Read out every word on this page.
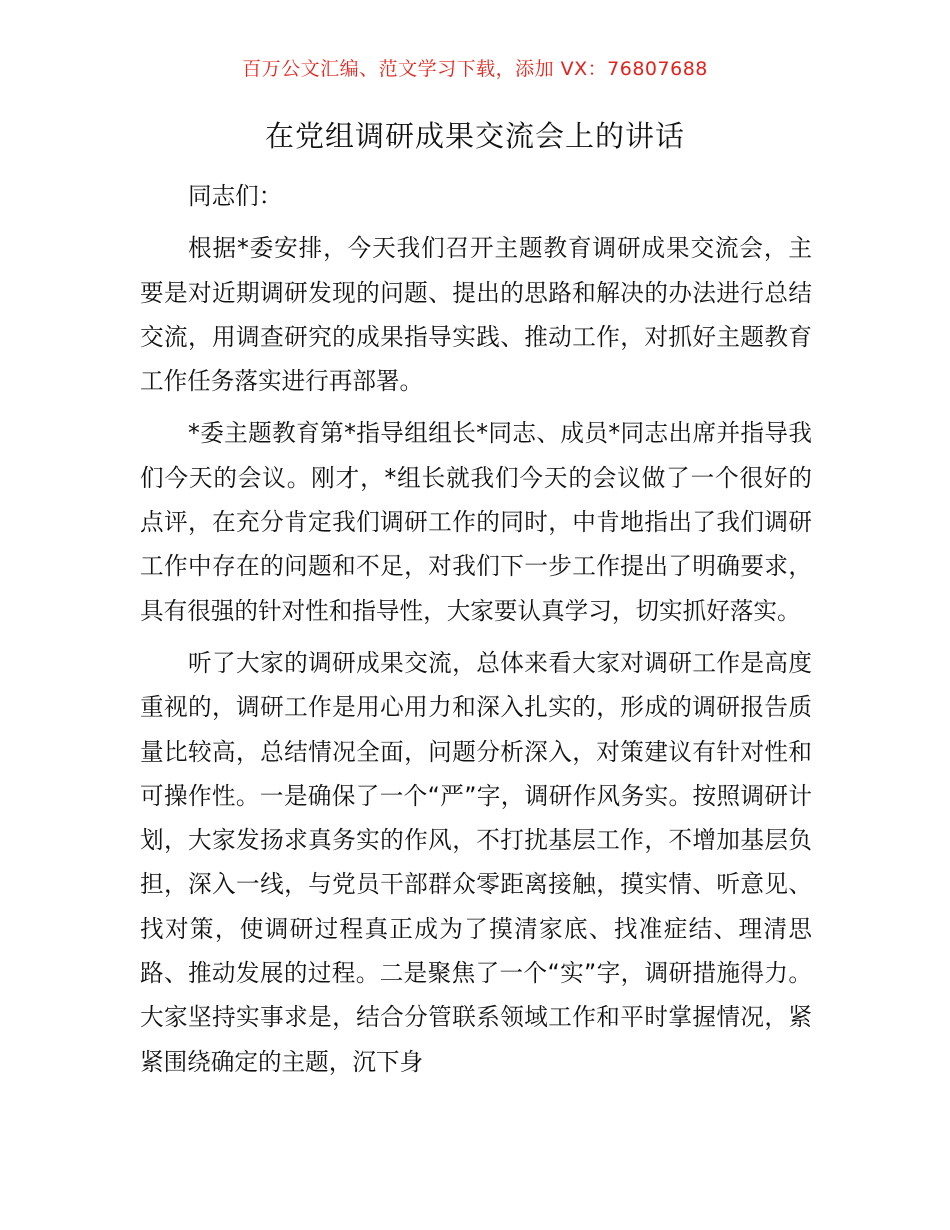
百万公文汇编、范文学习下载，添加 VX：76807688
在党组调研成果交流会上的讲话

同志们：

根据*委安排，今天我们召开主题教育调研成果交流会，主要是对近期调研发现的问题、提出的思路和解决的办法进行总结交流，用调查研究的成果指导实践、推动工作，对抓好主题教育工作任务落实进行再部署。

*委主题教育第*指导组组长*同志、成员*同志出席并指导我们今天的会议。刚才，*组长就我们今天的会议做了一个很好的点评，在充分肯定我们调研工作的同时，中肯地指出了我们调研工作中存在的问题和不足，对我们下一步工作提出了明确要求，具有很强的针对性和指导性，大家要认真学习，切实抓好落实。

听了大家的调研成果交流，总体来看大家对调研工作是高度重视的，调研工作是用心用力和深入扎实的，形成的调研报告质量比较高，总结情况全面，问题分析深入，对策建议有针对性和可操作性。一是确保了一个“严”字，调研作风务实。按照调研计划，大家发扬求真务实的作风，不打扰基层工作，不增加基层负担，深入一线，与党员干部群众零距离接触，摸实情、听意见、找对策，使调研过程真正成为了摸清家底、找准症结、理清思路、推动发展的过程。二是聚焦了一个“实”字，调研措施得力。大家坚持实事求是，结合分管联系领域工作和平时掌握情况，紧紧围绕确定的主题，沉下身
